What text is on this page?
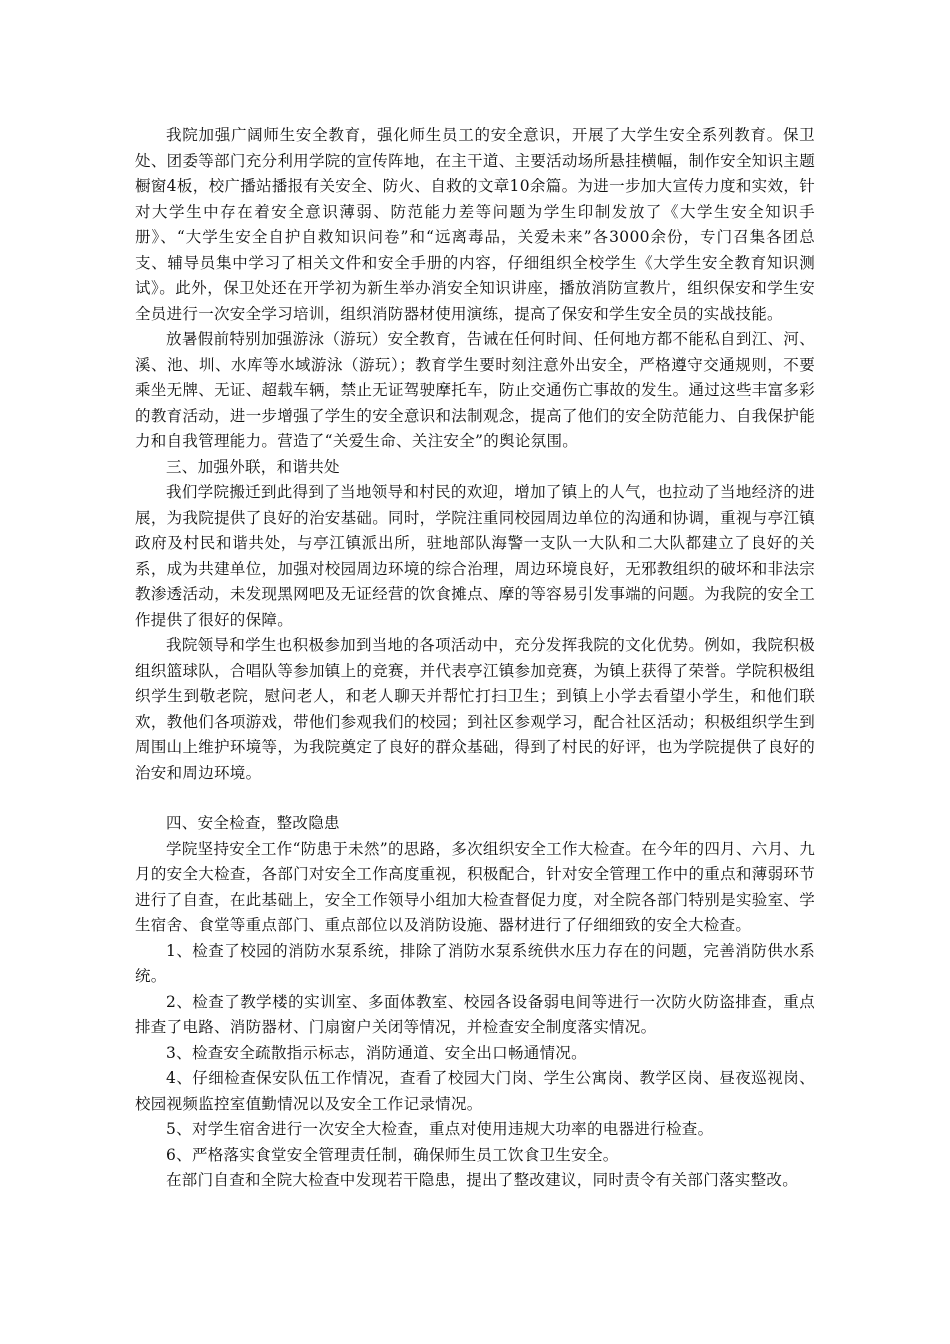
我院加强广阔师生安全教育，强化师生员工的安全意识，开展了大学生安全系列教育。保卫处、团委等部门充分利用学院的宣传阵地，在主干道、主要活动场所悬挂横幅，制作安全知识主题橱窗4板，校广播站播报有关安全、防火、自救的文章10余篇。为进一步加大宣传力度和实效，针对大学生中存在着安全意识薄弱、防范能力差等问题为学生印制发放了《大学生安全知识手册》、“大学生安全自护自救知识问卷”和“远离毒品，关爱未来”各3000余份，专门召集各团总支、辅导员集中学习了相关文件和安全手册的内容，仔细组织全校学生《大学生安全教育知识测试》。此外，保卫处还在开学初为新生举办消安全知识讲座，播放消防宣教片，组织保安和学生安全员进行一次安全学习培训，组织消防器材使用演练，提高了保安和学生安全员的实战技能。

放暑假前特别加强游泳（游玩）安全教育，告诫在任何时间、任何地方都不能私自到江、河、溪、池、圳、水库等水域游泳（游玩）；教育学生要时刻注意外出安全，严格遵守交通规则，不要乘坐无牌、无证、超载车辆，禁止无证驾驶摩托车，防止交通伤亡事故的发生。通过这些丰富多彩的教育活动，进一步增强了学生的安全意识和法制观念，提高了他们的安全防范能力、自我保护能力和自我管理能力。营造了“关爱生命、关注安全”的舆论氛围。

三、加强外联，和谐共处

我们学院搬迁到此得到了当地领导和村民的欢迎，增加了镇上的人气，也拉动了当地经济的进展，为我院提供了良好的治安基础。同时，学院注重同校园周边单位的沟通和协调，重视与亭江镇政府及村民和谐共处，与亭江镇派出所，驻地部队海警一支队一大队和二大队都建立了良好的关系，成为共建单位，加强对校园周边环境的综合治理，周边环境良好，无邪教组织的破坏和非法宗教渗透活动，未发现黑网吧及无证经营的饮食摊点、摩的等容易引发事端的问题。为我院的安全工作提供了很好的保障。

我院领导和学生也积极参加到当地的各项活动中，充分发挥我院的文化优势。例如，我院积极组织篮球队，合唱队等参加镇上的竞赛，并代表亭江镇参加竞赛，为镇上获得了荣誉。学院积极组织学生到敬老院，慰问老人，和老人聊天并帮忙打扫卫生；到镇上小学去看望小学生，和他们联欢，教他们各项游戏，带他们参观我们的校园；到社区参观学习，配合社区活动；积极组织学生到周围山上维护环境等，为我院奠定了良好的群众基础，得到了村民的好评，也为学院提供了良好的治安和周边环境。

四、安全检查，整改隐患

学院坚持安全工作“防患于未然”的思路，多次组织安全工作大检查。在今年的四月、六月、九月的安全大检查，各部门对安全工作高度重视，积极配合，针对安全管理工作中的重点和薄弱环节进行了自查，在此基础上，安全工作领导小组加大检查督促力度，对全院各部门特别是实验室、学生宿舍、食堂等重点部门、重点部位以及消防设施、器材进行了仔细细致的安全大检查。

1、检查了校园的消防水泵系统，排除了消防水泵系统供水压力存在的问题，完善消防供水系统。

2、检查了教学楼的实训室、多面体教室、校园各设备弱电间等进行一次防火防盗排查，重点排查了电路、消防器材、门扇窗户关闭等情况，并检查安全制度落实情况。

3、检查安全疏散指示标志，消防通道、安全出口畅通情况。

4、仔细检查保安队伍工作情况，查看了校园大门岗、学生公寓岗、教学区岗、昼夜巡视岗、校园视频监控室值勤情况以及安全工作记录情况。

5、对学生宿舍进行一次安全大检查，重点对使用违规大功率的电器进行检查。

6、严格落实食堂安全管理责任制，确保师生员工饮食卫生安全。

在部门自查和全院大检查中发现若干隐患，提出了整改建议，同时责令有关部门落实整改。
